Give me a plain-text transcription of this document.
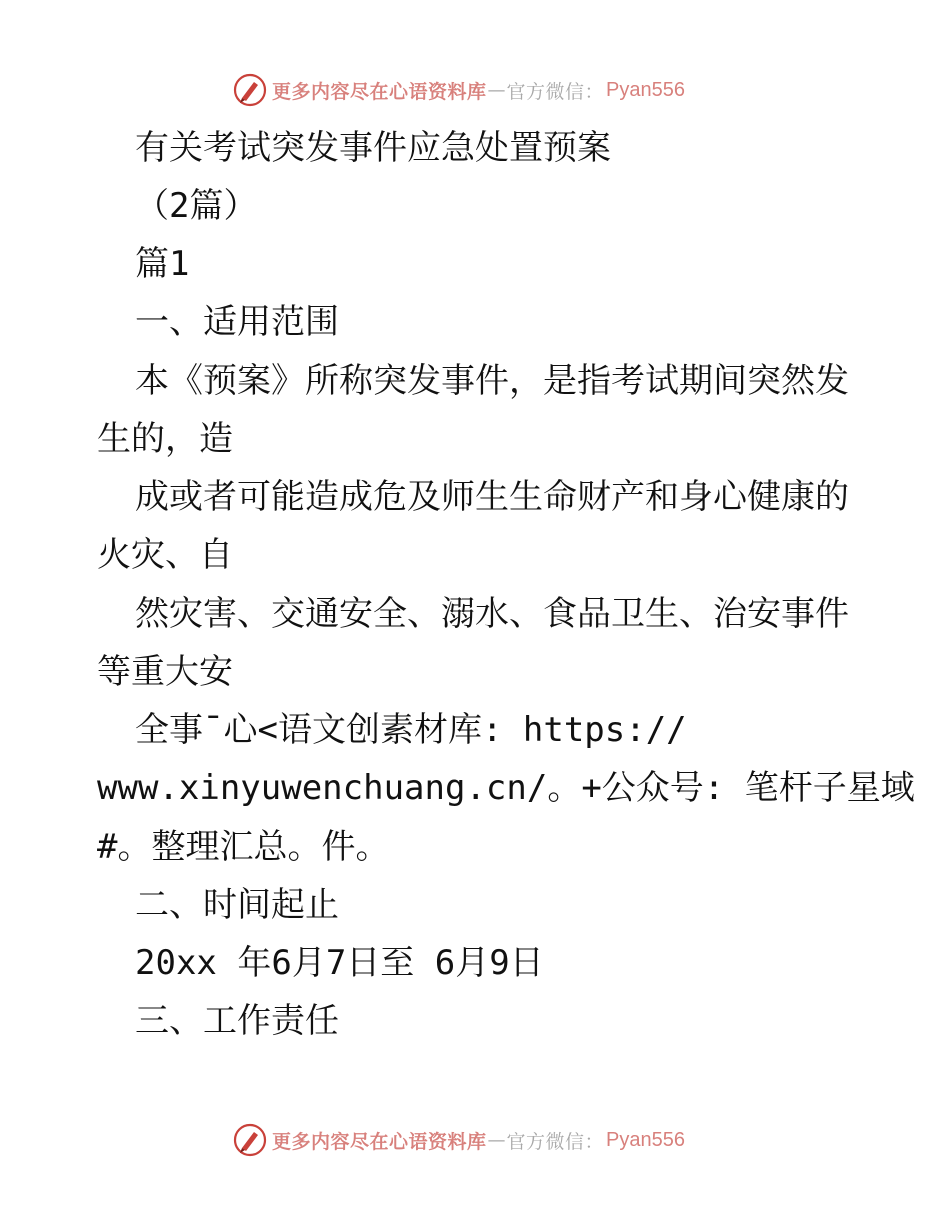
更多内容尽在心语资料库 — 官方微信： Pyan556
有关考试突发事件应急处置预案
（2篇）
篇1
一、适用范围
本《预案》所称突发事件，是指考试期间突然发
生的，造
成或者可能造成危及师生生命财产和身心健康的
火灾、自
然灾害、交通安全、溺水、食品卫生、治安事件
等重大安
全事¯心<语文创素材库: https://
www.xinyuwenchuang.cn/。+公众号: 笔杆子星域
#。整理汇总。件。
二、时间起止
20xx 年6月7日至 6月9日
三、工作责任
更多内容尽在心语资料库 — 官方微信： Pyan556
